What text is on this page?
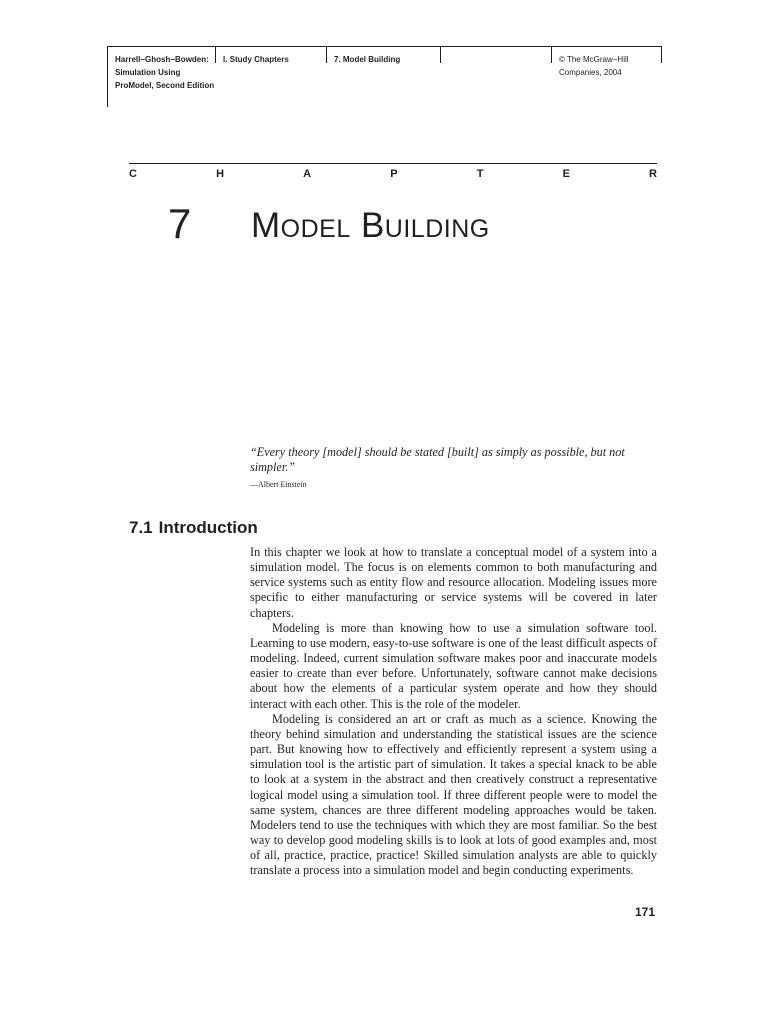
Harrell−Ghosh−Bowden:
Simulation Using
ProModel, Second Edition
I. Study Chapters	7. Model Building	© The McGraw−Hill
Companies, 2004
C	H	A	P	T	E	R
7 Model Building
“Every theory [model] should be stated [built] as simply as possible, but not simpler.”
—Albert Einstein
7.1 Introduction

In this chapter we look at how to translate a conceptual model of a system into a simulation model. The focus is on elements common to both manufacturing and service systems such as entity flow and resource allocation. Modeling issues more specific to either manufacturing or service systems will be covered in later chapters.

Modeling is more than knowing how to use a simulation software tool. Learning to use modern, easy-to-use software is one of the least difficult aspects of modeling. Indeed, current simulation software makes poor and inaccurate models easier to create than ever before. Unfortunately, software cannot make decisions about how the elements of a particular system operate and how they should interact with each other. This is the role of the modeler.

Modeling is considered an art or craft as much as a science. Knowing the theory behind simulation and understanding the statistical issues are the science part. But knowing how to effectively and efficiently represent a system using a simulation tool is the artistic part of simulation. It takes a special knack to be able to look at a system in the abstract and then creatively construct a representative logical model using a simulation tool. If three different people were to model the same system, chances are three different modeling approaches would be taken. Modelers tend to use the techniques with which they are most familiar. So the best way to develop good modeling skills is to look at lots of good examples and, most of all, practice, practice, practice! Skilled simulation analysts are able to quickly translate a process into a simulation model and begin conducting experiments.

171
